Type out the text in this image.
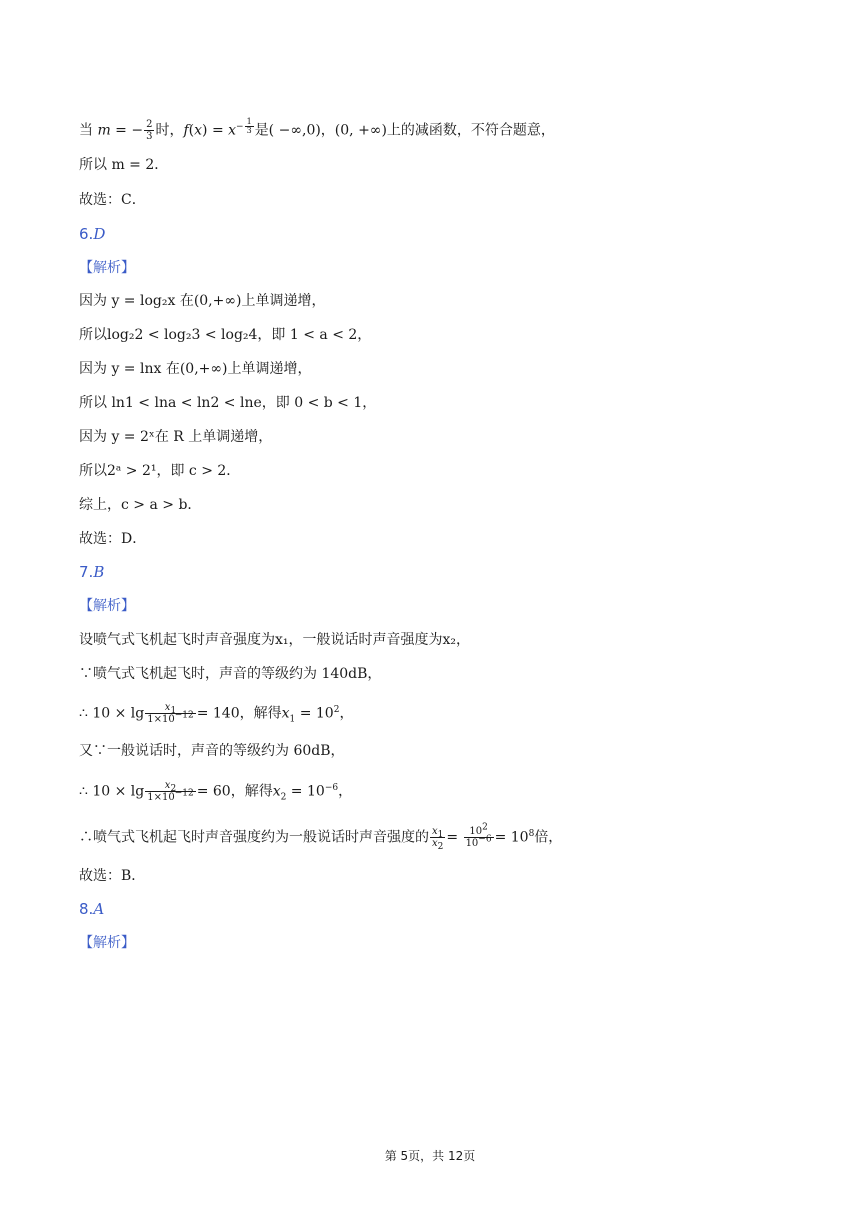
当 m = − $\frac{2}{3}$ 时，$f(x) = x^{- \frac{1}{3}}$ 是( −∞,0)，(0, +∞)上的减函数，不符合题意，
所以 m = 2．
故选：C．
6.D
【解析】
因为 y = log₂x 在(0,+∞)上单调递增，
所以log₂2 < log₂3 < log₂4，即 1 < a < 2，
因为 y = lnx 在(0,+∞)上单调递增，
所以 ln1 < lna < ln2 < lne，即 0 < b < 1，
因为 y = 2ˣ在 R 上单调递增，
所以2ᵃ > 2¹，即 c > 2．
综上，c > a > b．
故选：D．
7.B
【解析】
设喷气式飞机起飞时声音强度为x₁，一般说话时声音强度为x₂，
∵喷气式飞机起飞时，声音的等级约为 140dB，
∴ $10 \times \lg \frac{x_1}{1\times 10^{-12}} = 140$，解得$x_1 = 10^2$，
又∵一般说话时，声音的等级约为 60dB，
∴ $10 \times \lg \frac{x_2}{1\times 10^{-12}} = 60$，解得$x_2 = 10^{-6}$，
∴喷气式飞机起飞时声音强度约为一般说话时声音强度的 $\frac{x_1}{x_2} = \frac{10^2}{10^{-6}} = 10^8$倍，
故选：B．
8.A
【解析】
第 5页，共 12页
